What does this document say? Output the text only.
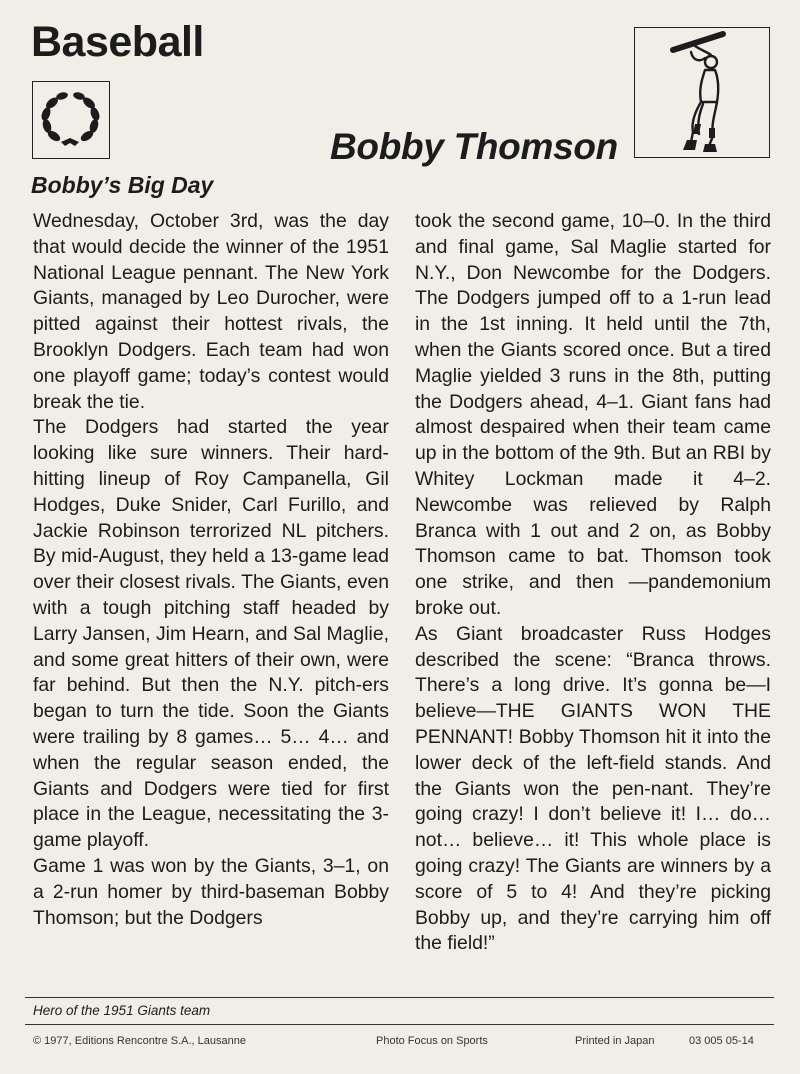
Baseball
Bobby Thomson
Bobby’s Big Day

Wednesday, October 3rd, was the day that would decide the winner of the 1951 National League pennant. The New York Giants, managed by Leo Durocher, were pitted against their hottest rivals, the Brooklyn Dodgers. Each team had won one playoff game; today’s contest would break the tie.

The Dodgers had started the year looking like sure winners. Their hard-hitting lineup of Roy Campanella, Gil Hodges, Duke Snider, Carl Furillo, and Jackie Robinson terrorized NL pitchers. By mid-August, they held a 13-game lead over their closest rivals. The Giants, even with a tough pitching staff headed by Larry Jansen, Jim Hearn, and Sal Maglie, and some great hitters of their own, were far behind. But then the N.Y. pitch-ers began to turn the tide. Soon the Giants were trailing by 8 games… 5… 4… and when the regular season ended, the Giants and Dodgers were tied for first place in the League, necessitating the 3-game playoff.

Game 1 was won by the Giants, 3–1, on a 2-run homer by third-baseman Bobby Thomson; but the Dodgers

took the second game, 10–0. In the third and final game, Sal Maglie started for N.Y., Don Newcombe for the Dodgers. The Dodgers jumped off to a 1-run lead in the 1st inning. It held until the 7th, when the Giants scored once. But a tired Maglie yielded 3 runs in the 8th, putting the Dodgers ahead, 4–1. Giant fans had almost despaired when their team came up in the bottom of the 9th. But an RBI by Whitey Lockman made it 4–2. Newcombe was relieved by Ralph Branca with 1 out and 2 on, as Bobby Thomson came to bat. Thomson took one strike, and then —pandemonium broke out.

As Giant broadcaster Russ Hodges described the scene: “Branca throws. There’s a long drive. It’s gonna be—I believe—THE GIANTS WON THE PENNANT! Bobby Thomson hit it into the lower deck of the left-field stands. And the Giants won the pen-nant. They’re going crazy! I don’t believe it! I… do… not… believe… it! This whole place is going crazy! The Giants are winners by a score of 5 to 4! And they’re picking Bobby up, and they’re carrying him off the field!”

Hero of the 1951 Giants team

© 1977, Editions Rencontre S.A., Lausanne	Photo Focus on Sports	Printed in Japan	03 005 05-14
